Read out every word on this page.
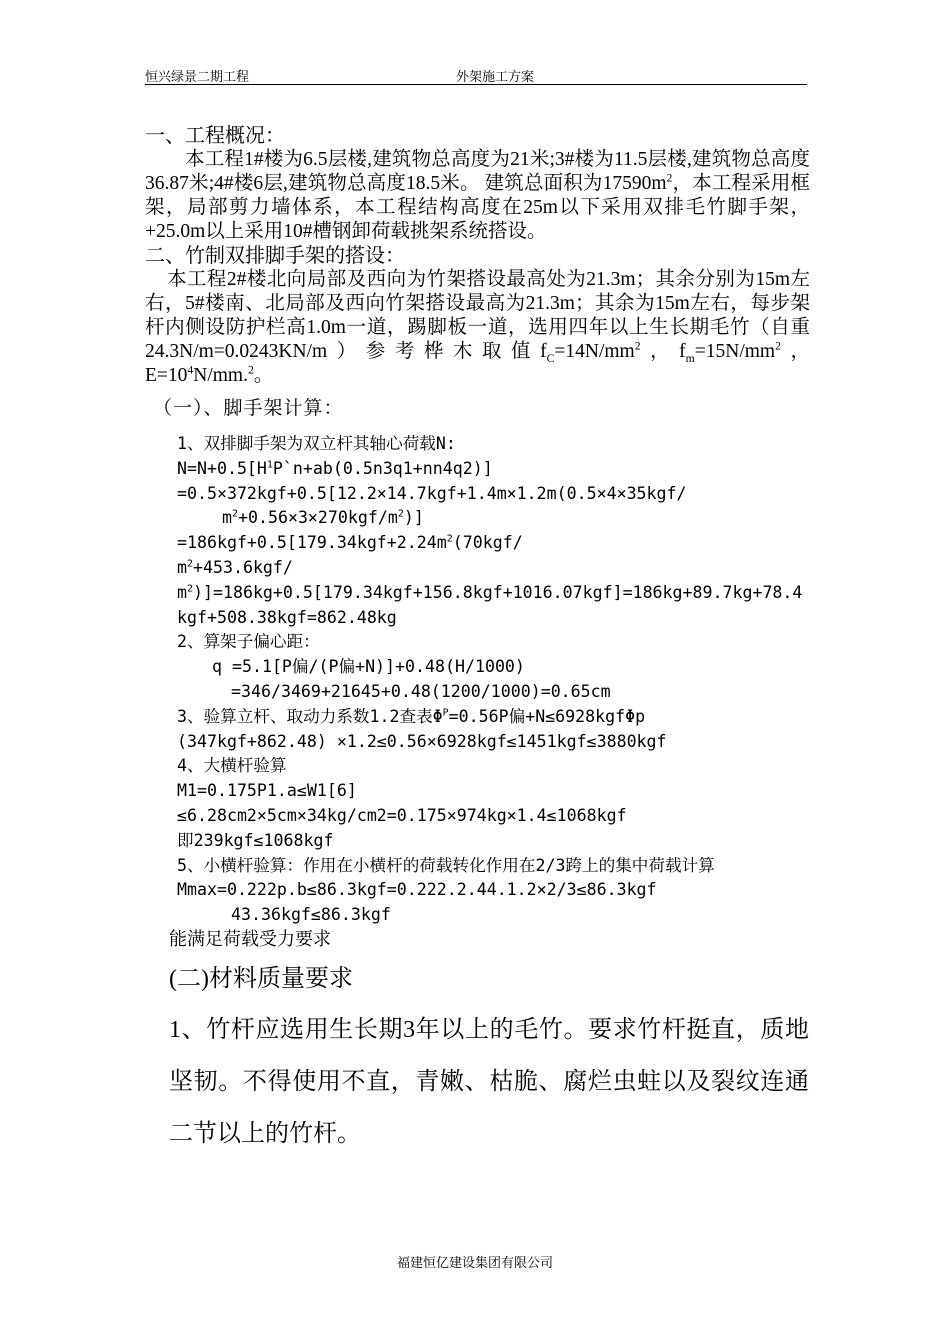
恒兴绿景二期工程	外架施工方案

一、工程概况：

本工程1#楼为6.5层楼,建筑物总高度为21米;3#楼为11.5层楼,建筑物总高度36.87米;4#楼6层,建筑物总高度18.5米。 建筑总面积为$17590m^2$，本工程采用框架，局部剪力墙体系，本工程结构高度在25m以下采用双排毛竹脚手架，+25.0m以上采用10#槽钢卸荷载挑架系统搭设。

二、竹制双排脚手架的搭设：

本工程2#楼北向局部及西向为竹架搭设最高处为21.3m；其余分别为15m左右，5#楼南、北局部及西向竹架搭设最高为21.3m；其余为15m左右，每步架杆内侧设防护栏高1.0m一道，踢脚板一道，选用四年以上生长期毛竹（自重24.3N/m=0.0243KN/m）参考桦木取值$f_C=14N/mm^2$，$f_m=15N/mm^2$，$E=10^4N/mm.^2$。

（一）、脚手架计算：

1、双排脚手架为双立杆其轴心荷载N:

$N=N+0.5[H^1P`n+ab(0.5n3q1+nn4q2)]$

=0.5×372kgf+0.5[12.2×14.7kgf+1.4m×1.2m(0.5×4×35kgf/

$m^2+0.56\times 3\times 270kgf/m^2$)]

$=186kgf+0.5[179.34kgf+2.24m^2(70kgf/$

$m^2+453.6kgf/$

$m^2)]=186kg+0.5[179.34kgf+156.8kgf+1016.07kgf]=186kg+89.7kg+78.4kgf+508.38kgf=862.48kg$

2、算架子偏心距：

q =5.1[P偏/(P偏+N)]+0.48(H/1000)

=346/3469+21645+0.48(1200/1000)=0.65cm

3、验算立杆、取动力系数1.2查表$\Phi^P=0.56P$偏+N≤6928kgfΦp

(347kgf+862.48) ×1.2≤0.56×6928kgf≤1451kgf≤3880kgf

4、大横杆验算

M1=0.175P1.a≤W1[6]

≤6.28cm2×5cm×34kg/cm2=0.175×974kg×1.4≤1068kgf

即239kgf≤1068kgf

5、小横杆验算：作用在小横杆的荷载转化作用在2/3跨上的集中荷载计算

Mmax=0.222p.b≤86.3kgf=0.222.2.44.1.2×2/3≤86.3kgf

43.36kgf≤86.3kgf

能满足荷载受力要求

(二)材料质量要求

1、竹杆应选用生长期3年以上的毛竹。要求竹杆挺直，质地坚韧。不得使用不直，青嫩、枯脆、腐烂虫蛀以及裂纹连通二节以上的竹杆。

福建恒亿建设集团有限公司
